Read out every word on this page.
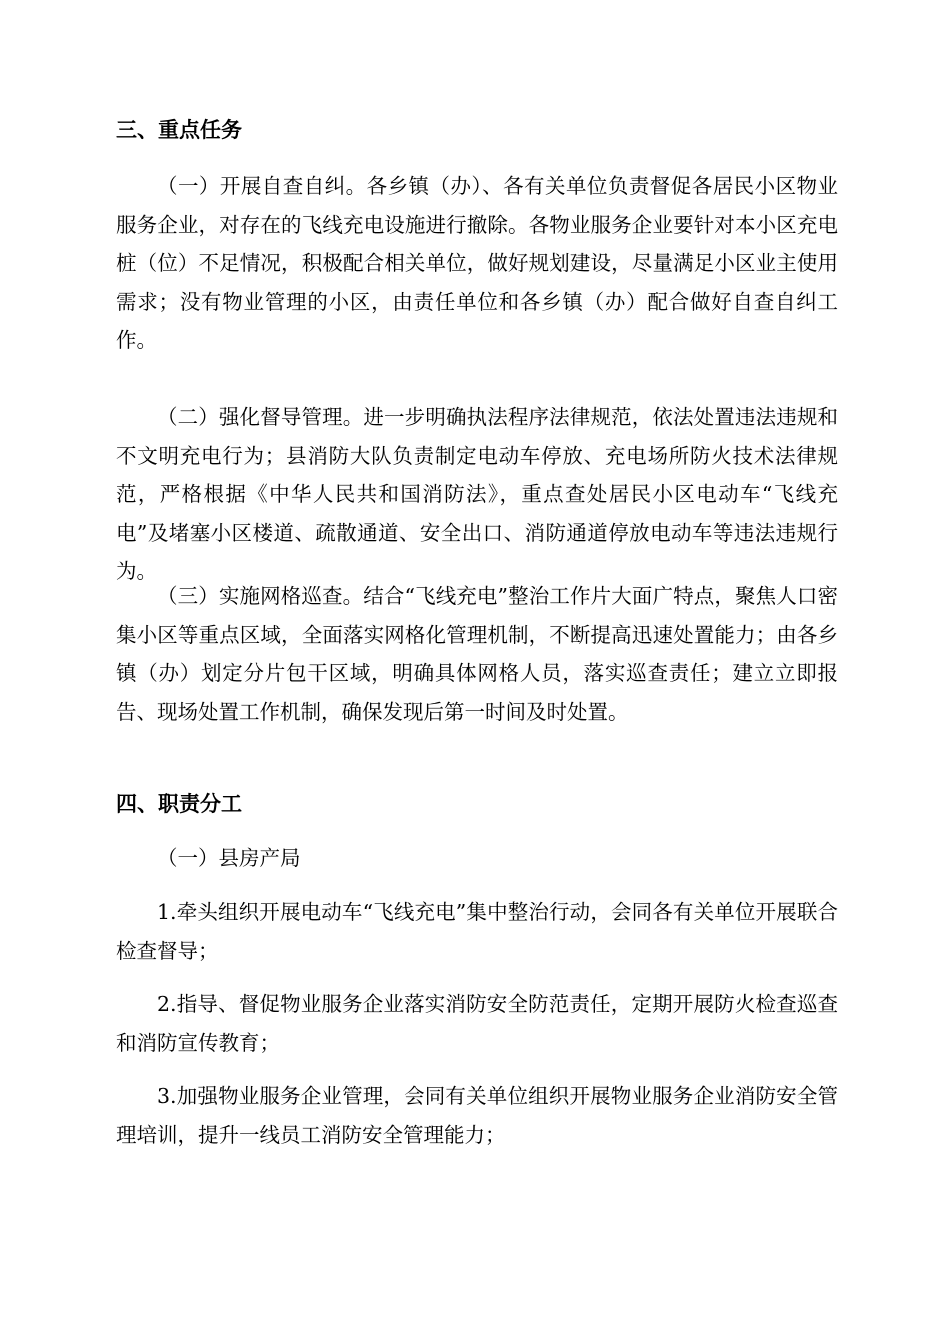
三、重点任务

（一）开展自查自纠。各乡镇（办）、各有关单位负责督促各居民小区物业服务企业，对存在的飞线充电设施进行撤除。各物业服务企业要针对本小区充电桩（位）不足情况，积极配合相关单位，做好规划建设，尽量满足小区业主使用需求；没有物业管理的小区，由责任单位和各乡镇（办）配合做好自查自纠工作。

（二）强化督导管理。进一步明确执法程序法律规范，依法处置违法违规和不文明充电行为；县消防大队负责制定电动车停放、充电场所防火技术法律规范，严格根据《中华人民共和国消防法》，重点查处居民小区电动车“飞线充电”及堵塞小区楼道、疏散通道、安全出口、消防通道停放电动车等违法违规行为。

（三）实施网格巡查。结合“飞线充电”整治工作片大面广特点，聚焦人口密集小区等重点区域，全面落实网格化管理机制，不断提高迅速处置能力；由各乡镇（办）划定分片包干区域，明确具体网格人员，落实巡查责任；建立立即报告、现场处置工作机制，确保发现后第一时间及时处置。

四、职责分工

（一）县房产局

1.牵头组织开展电动车“飞线充电”集中整治行动，会同各有关单位开展联合检查督导；

2.指导、督促物业服务企业落实消防安全防范责任，定期开展防火检查巡查和消防宣传教育；

3.加强物业服务企业管理，会同有关单位组织开展物业服务企业消防安全管理培训，提升一线员工消防安全管理能力；
